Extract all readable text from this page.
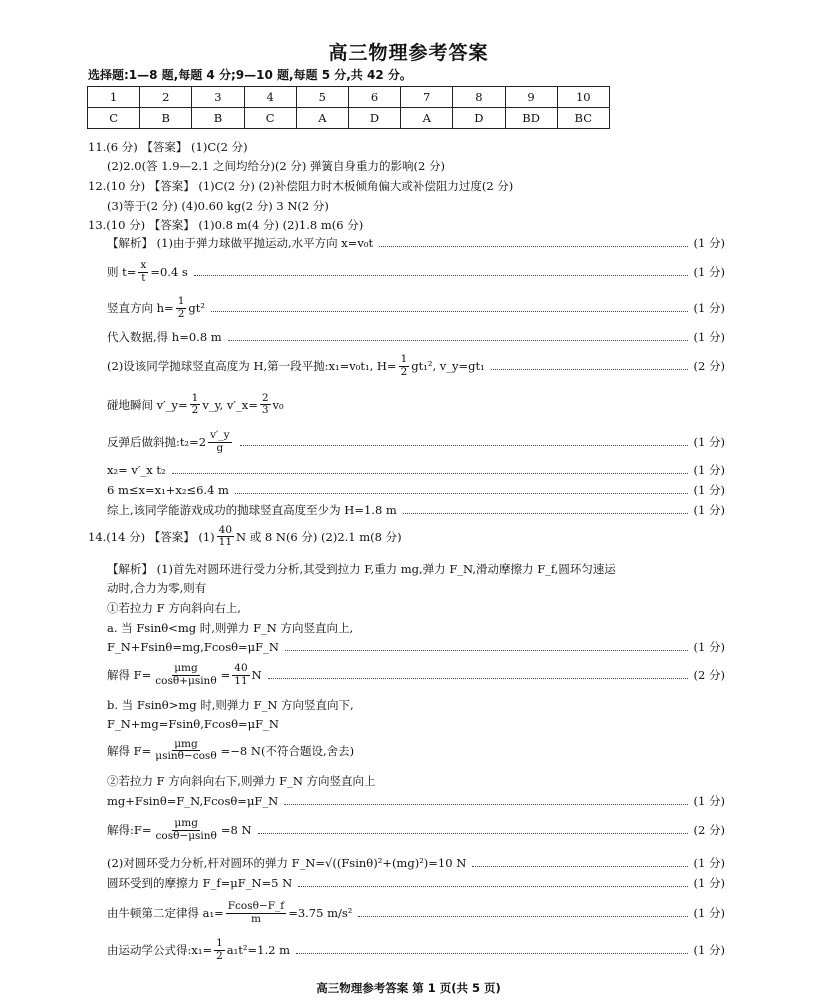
高三物理参考答案
选择题:1—8 题,每题 4 分;9—10 题,每题 5 分,共 42 分。
1	2	3	4	5	6	7	8	9	10
C	B	B	C	A	D	A	D	BD	BC
11.(6 分) 【答案】 (1)C(2 分)
(2)2.0(答 1.9—2.1 之间均给分)(2 分) 弹簧自身重力的影响(2 分)
12.(10 分) 【答案】 (1)C(2 分) (2)补偿阻力时木板倾角偏大或补偿阻力过度(2 分)
(3)等于(2 分) (4)0.60 kg(2 分) 3 N(2 分)
13.(10 分) 【答案】 (1)0.8 m(4 分) (2)1.8 m(6 分)
【解析】 (1)由于弹力球做平抛运动,水平方向 x=v₀t	(1 分)
则 $t= \frac{x}{t} =0.4$ s	(1 分)
竖直方向 $h= \frac{1}{2} gt^2$	(1 分)
代入数据,得 h=0.8 m	(1 分)
(2)设该同学抛球竖直高度为 H,第一段平抛:x₁=v₀t₁, $H= \frac{1}{2} gt_1^2$, v_y=gt₁	(2 分)
碰地瞬间 v′_y= $\frac{1}{2}$ v_y, v′_x= $\frac{2}{3} v_0$
反弹后做斜抛:t₂=2 $\frac{v'\_y}{g}$	(1 分)
x₂= v′_x t₂	(1 分)
6 m≤x=x₁+x₂≤6.4 m	(1 分)
综上,该同学能游戏成功的抛球竖直高度至少为 H=1.8 m	(1 分)
14.(14 分) 【答案】 $(1) \frac{40}{11}$ N 或 8 N(6 分) (2)2.1 m(8 分)
【解析】 (1)首先对圆环进行受力分析,其受到拉力 F,重力 mg,弹力 F_N,滑动摩擦力 F_f,圆环匀速运
动时,合力为零,则有
①若拉力 F 方向斜向右上,
a. 当 Fsinθ<mg 时,则弹力 F_N 方向竖直向上,
F_N+Fsinθ=mg,Fcosθ=μF_N	(1 分)
解得 $F= \frac{\text{μmg}}{\cos\theta+\mu\sin\theta} = \frac{40}{11}$ N	(2 分)
b. 当 Fsinθ>mg 时,则弹力 F_N 方向竖直向下,
F_N+mg=Fsinθ,Fcosθ=μF_N
解得 $F= \frac{\text{μmg}}{\mu\sin\theta-\cos\theta} =-8$ N(不符合题设,舍去)
②若拉力 F 方向斜向右下,则弹力 F_N 方向竖直向上
mg+Fsinθ=F_N,Fcosθ=μF_N	(1 分)
解得:F= $\frac{\text{μmg}}{\cos\theta-\mu\sin\theta} =8$ N	(2 分)
(2)对圆环受力分析,杆对圆环的弹力 F_N=√((Fsinθ)²+(mg)²)=10 N	(1 分)
圆环受到的摩擦力 F_f=μF_N=5 N	(1 分)
由牛顿第二定律得 $a_1= \frac{Fcos\theta-F\_f}{m} =3.75$ m/s²	(1 分)
由运动学公式得:x₁= $\frac{1}{2} a_1t^2=1.2$ m	(1 分)
高三物理参考答案 第 1 页(共 5 页)
